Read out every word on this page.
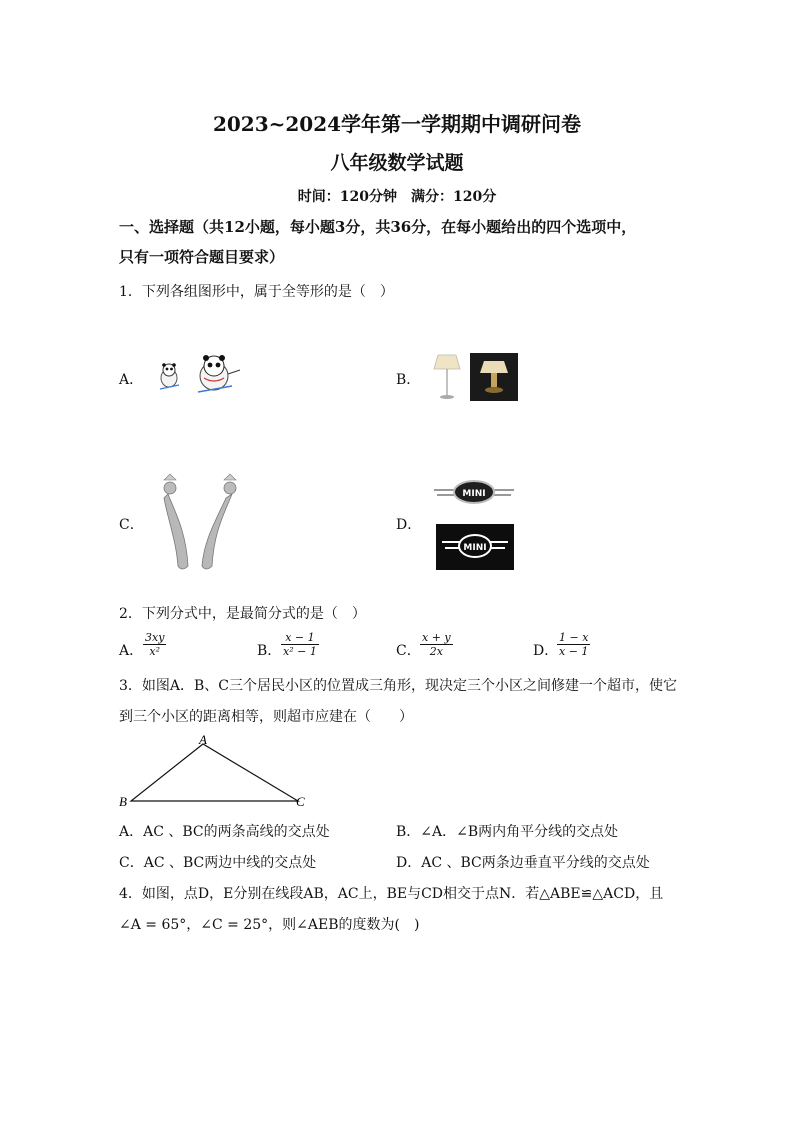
2023~2024学年第一学期期中调研问卷
八年级数学试题
时间：120分钟　满分：120分
一、选择题（共12小题，每小题3分，共36分，在每小题给出的四个选项中，
只有一项符合题目要求）
1．下列各组图形中，属于全等形的是（　）
A．	B．
C．	D．
MINI
MINI
2．下列分式中，是最简分式的是（　）
A． $\frac{3xy}{\text{x²}}$	B． $\frac{x - 1}{\text{x² − 1}}$	C． $\frac{x + y}{2x}$	D．
$\frac{1 - x}{x - 1}$
3．如图A．B、C三个居民小区的位置成三角形，现决定三个小区之间修建一个超市，使它
到三个小区的距离相等，则超市应建在（　　）
A
B	C
A．AC 、BC的两条高线的交点处	B．∠A．∠B两内角平分线的交点处
C．AC 、BC两边中线的交点处	D．AC 、BC两条边垂直平分线的交点处
4．如图，点D，E分别在线段AB，AC上，BE与CD相交于点N．若△ABE≌△ACD，且
∠A = 65°，∠C = 25°，则∠AEB的度数为(　)
